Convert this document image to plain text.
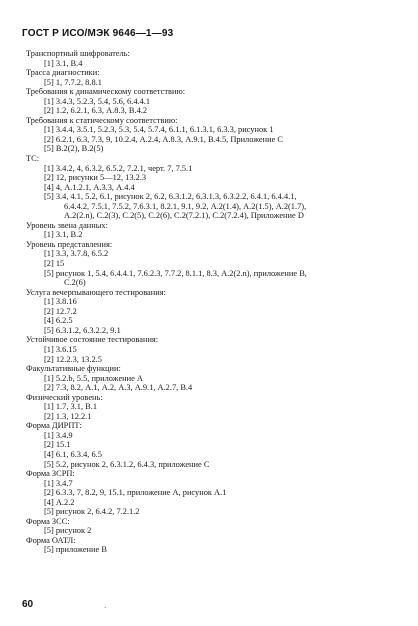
ГОСТ Р ИСО/МЭК 9646—1—93
Транспортный шифрователь:
[1] 3.1, В.4
Трасса диагностики:
[5] 1, 7.7.2, 8.8.1
Требования к динамическому соответствию:
[1] 3.4.3, 5.2.3, 5.4, 5.6, 6.4.4.1
[2] 1.2, 6.2.1, 6.3, А.8.3, В.4.2
Требования к статическому соответствию:
[1] 3.4.4, 3.5.1, 5.2.3, 5.3, 5.4, 5.7.4, 6.1.1, 6.1.3.1, 6.3.3, рисунок 1
[2] 6.2.1, 6.3, 7.3, 9, 10.2.4, А.2.4, А.8.3, А.9.1, В.4.5, Приложение С
[5] В.2(2), В.2(5)
ТС:
[1] 3.4.2, 4, 6.3.2, 6.5.2, 7.2.1, черт. 7, 7.5.1
[2] 12, рисунки 5—12, 13.2.3
[4] 4, А.1.2.1, А.3.3, А.4.4
[5] 3.4, 4.1, 5.2, 6.1, рисунок 2, 6.2, 6.3.1.2, 6.3.1.3, 6.3.2.2, 6.4.1, 6.4.4.1,
6.4.4.2, 7.5.1, 7.5.2, 7.6.3.1, 8.2.1, 9.1, 9.2, А.2(1.4), А.2(1.5), А.2(1.7),
А.2(2.n), С.2(3), С.2(5), С.2(6), С.2(7.2.1), С.2(7.2.4), Приложение D
Уровень звена данных:
[1] 3.1, В.2
Уровень представления:
[1] 3.3, 3.7.8, 6.5.2
[2] 15
[5] рисунок 1, 5.4, 6.4.4.1, 7.6.2.3, 7.7.2, 8.1.1, 8.3, А.2(2.n), приложение В,
С.2(6)
Услуга вечерпывающего тестирования:
[1] 3.8.16
[2] 12.7.2
[4] 6.2.5
[5] 6.3.1.2, 6.3.2.2, 9.1
Устойчивое состояние тестирования:
[1] 3.6.15
[2] 12.2.3, 13.2.5
Факультативные функции:
[1] 5.2.b, 5.5, приложение А
[2] 7.3, 8.2, А.1, А.2, А.3, А.9.1, А.2.7, В.4
Физический уровень:
[1] 1.7, 3.1, В.1
[2] 1.3, 12.2.1
Форма ДИРПТ:
[1] 3.4.9
[2] 15.1
[4] 6.1, 6.3.4, 6.5
[5] 5.2, рисунок 2, 6.3.1.2, 6.4.3, приложение С
Форма ЗСРП:
[1] 3.4.7
[2] 6.3.3, 7, 8.2, 9, 15.1, приложение А, рисунок А.1
[4] А.2.2
[5] рисунок 2, 6.4.2, 7.2.1.2
Форма ЗСС:
[5] рисунок 2
Форма ОАТЛ:
[5] приложение В
60	·
